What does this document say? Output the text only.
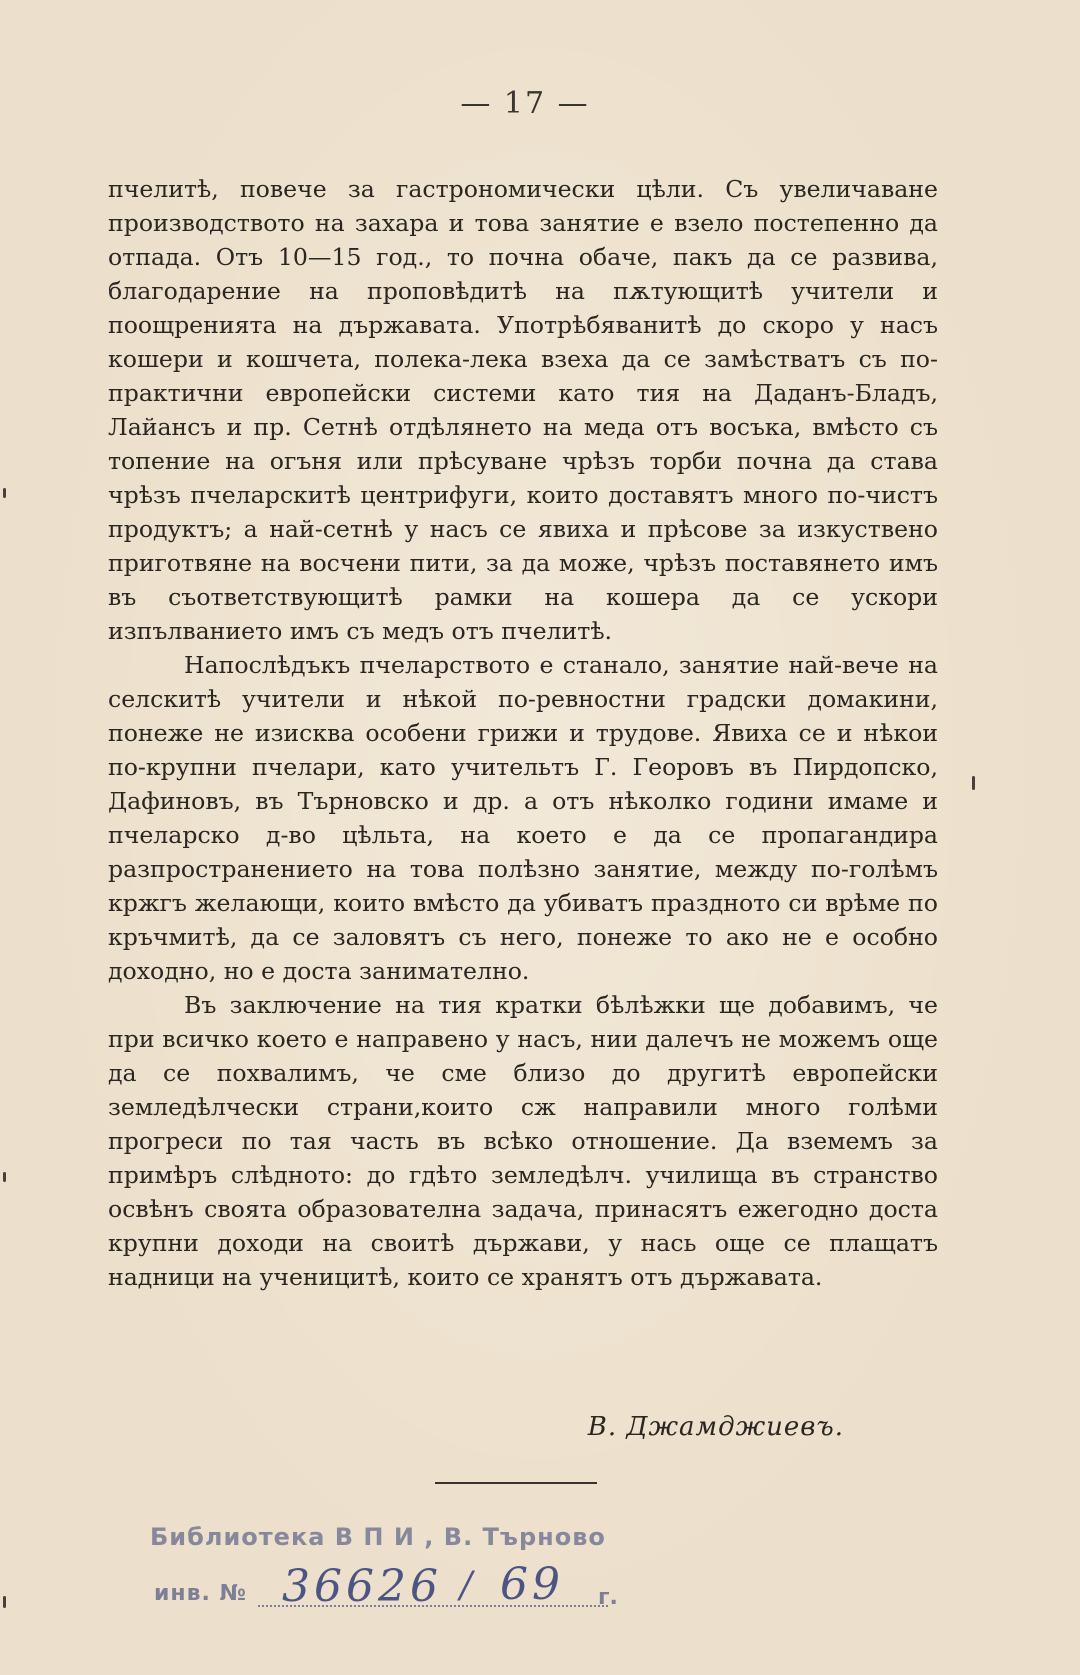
— 17 —

пчелитѣ, повече за гастрономически цѣли. Съ увеличаване производството на захара и това занятие е взело постепенно да отпада. Отъ 10—15 год., то почна обаче, пакъ да се развива, благодарение на проповѣдитѣ на пѫтующитѣ учители и поощренията на държавата. Употрѣбяванитѣ до скоро у насъ кошери и кошчета, полека-лека взеха да се замѣстватъ съ по-практични европейски системи като тия на Даданъ-Бладъ, Лайансъ и пр. Сетнѣ отдѣлянето на меда отъ восъка, вмѣсто съ топение на огъня или прѣсуване чрѣзъ торби почна да става чрѣзъ пчеларскитѣ центрифуги, които доставятъ много по-чистъ продуктъ; а най-сетнѣ у насъ се явиха и прѣсове за изкуствено приготвяне на восчени пити, за да може, чрѣзъ поставянето имъ въ съответствующитѣ рамки на кошера да се ускори изпълванието имъ съ медъ отъ пчелитѣ.

Напослѣдъкъ пчеларството е станало, занятие най-вече на селскитѣ учители и нѣкой по-ревностни градски домакини, понеже не изисква особени грижи и трудове. Явиха се и нѣкои по-крупни пчелари, като учительтъ Г. Георовъ въ Пирдопско, Дафиновъ, въ Търновско и др. а отъ нѣколко години имаме и пчеларско д-во цѣльта, на което е да се пропагандира разпространението на това полѣзно занятие, между по-голѣмъ кржгъ желающи, които вмѣсто да убиватъ праздното си врѣме по кръчмитѣ, да се заловятъ съ него, понеже то ако не е особно доходно, но е доста занимателно.

Въ заключение на тия кратки бѣлѣжки ще добавимъ, че при всичко което е направено у насъ, нии далечъ не можемъ още да се похвалимъ, че сме близо до другитѣ европейски земледѣлчески страни,които сж направили много голѣми прогреси по тая часть въ всѣко отношение. Да вземемъ за примѣръ слѣдното: до гдѣто земледѣлч. училища въ странство освѣнъ своята образователна задача, принасятъ ежегодно доста крупни доходи на своитѣ държави, у нась още се плащатъ надници на ученицитѣ, които се хранятъ отъ държавата.

В. Джамджиевъ.
Библиотека В П И , В. Търново
инв. №	г.
36626 / 69
